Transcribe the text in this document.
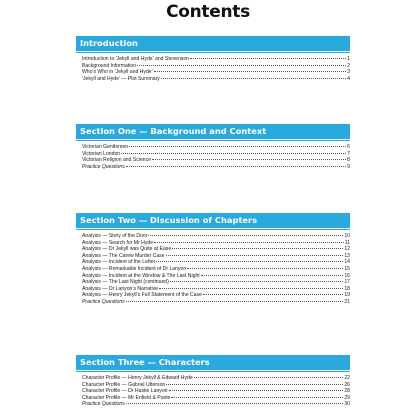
Contents
Introduction
Introduction to 'Jekyll and Hyde' and Stevenson	1
Background Information	2
Who's Who in 'Jekyll and Hyde'	3
'Jekyll and Hyde' — Plot Summary	4
Section One — Background and Context
Victorian Gentlemen	6
Victorian London	7
Victorian Religion and Science	8
Practice Questions	9
Section Two — Discussion of Chapters
Analysis — Story of the Door	10
Analysis — Search for Mr Hyde	11
Analysis — Dr Jekyll was Quite at Ease	12
Analysis — The Carew Murder Case	13
Analysis — Incident of the Letter	14
Analysis — Remarkable Incident of Dr Lanyon	15
Analysis — Incident at the Window & The Last Night	16
Analysis — The Last Night (continued)	17
Analysis — Dr Lanyon's Narrative	18
Analysis — Henry Jekyll's Full Statement of the Case	19
Practice Questions	21
Section Three — Characters
Character Profile — Henry Jekyll & Edward Hyde	22
Character Profile — Gabriel Utterson	26
Character Profile — Dr Hastie Lanyon	28
Character Profile — Mr Enfield & Poole	29
Practice Questions	30
